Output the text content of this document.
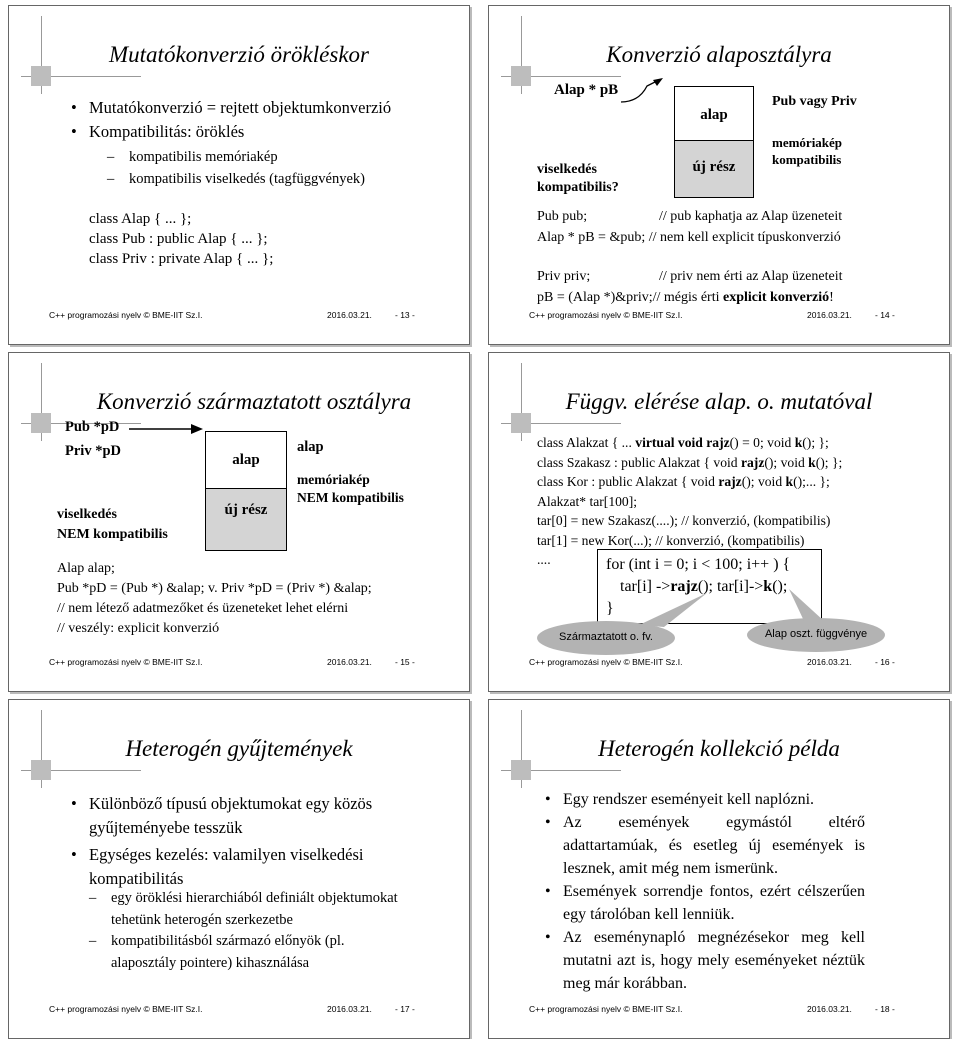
Mutatókonverzió örökléskor
• Mutatókonverzió = rejtett objektumkonverzió
• Kompatibilitás: öröklés
– kompatibilis memóriakép
– kompatibilis viselkedés (tagfüggvények)
class Alap { ... };
class Pub : public Alap { ... };
class Priv : private Alap { ... };
C++ programozási nyelv © BME-IIT Sz.I.	2016.03.21.	- 13 -
Konverzió alaposztályra
Alap * pB
viselkedés
kompatibilis?
alap
új rész
Pub vagy Priv
memóriakép
kompatibilis
Pub pub;	// pub kaphatja az Alap üzeneteit
Alap * pB = &pub; // nem kell explicit típuskonverzió
Priv priv;	// priv nem érti az Alap üzeneteit
pB = (Alap *)&priv;// mégis érti explicit konverzió!
C++ programozási nyelv © BME-IIT Sz.I.	2016.03.21.	- 14 -
Konverzió származtatott osztályra
Pub *pD
Priv *pD
alap
új rész
alap
memóriakép
NEM kompatibilis
viselkedés
NEM kompatibilis
Alap alap;
Pub *pD = (Pub *) &alap; v. Priv *pD = (Priv *) &alap;
// nem létező adatmezőket és üzeneteket lehet elérni
// veszély: explicit konverzió
C++ programozási nyelv © BME-IIT Sz.I.	2016.03.21.	- 15 -
Függv. elérése alap. o. mutatóval
class Alakzat { ... virtual void rajz() = 0; void k(); };
class Szakasz : public Alakzat { void rajz(); void k(); };
class Kor : public Alakzat { void rajz(); void k();... };
Alakzat* tar[100];
tar[0] = new Szakasz(....); // konverzió, (kompatibilis)
tar[1] = new Kor(...); // konverzió, (kompatibilis)
....	for (int i = 0; i < 100; i++ ) {
tar[i] ->rajz(); tar[i]->k();
}
Származtatott o. fv.	Alap oszt. függvénye
C++ programozási nyelv © BME-IIT Sz.I.	2016.03.21.	- 16 -
Heterogén gyűjtemények
• Különböző típusú objektumokat egy közös gyűjteményebe tesszük
• Egységes kezelés: valamilyen viselkedési kompatibilitás
– egy öröklési hierarchiából definiált objektumokat tehetünk heterogén szerkezetbe
– kompatibilitásból származó előnyök (pl. alaposztály pointere) kihasználása
C++ programozási nyelv © BME-IIT Sz.I.	2016.03.21.	- 17 -
Heterogén kollekció példa
• Egy rendszer eseményeit kell naplózni.
• Az események egymástól eltérő adattartamúak, és esetleg új események is lesznek, amit még nem ismerünk.
• Események sorrendje fontos, ezért célszerűen egy tárolóban kell lenniük.
• Az eseménynapló megnézésekor meg kell mutatni azt is, hogy mely eseményeket néztük meg már korábban.
C++ programozási nyelv © BME-IIT Sz.I.	2016.03.21.	- 18 -
